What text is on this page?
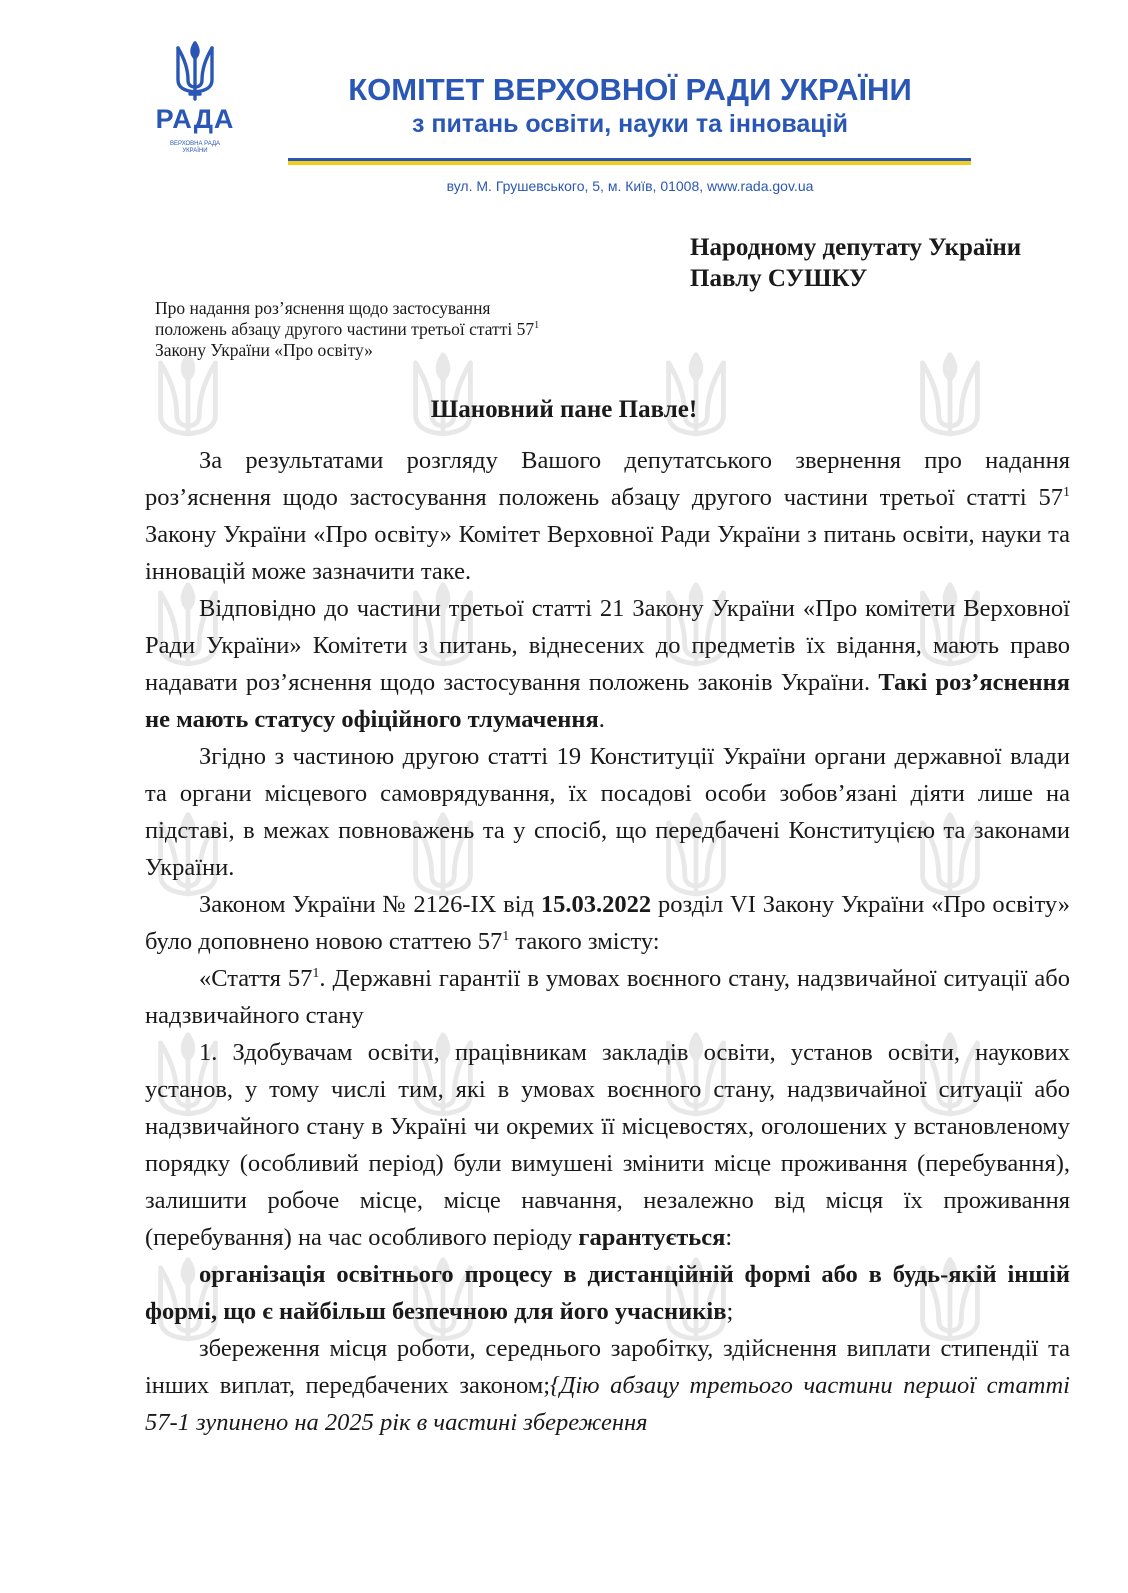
РАДА
ВЕРХОВНА РАДА
УКРАЇНИ
КОМІТЕТ ВЕРХОВНОЇ РАДИ УКРАЇНИ
з питань освіти, науки та інновацій
вул. М. Грушевського, 5, м. Київ, 01008, www.rada.gov.ua
Народному депутату України
Павлу СУШКУ
Про надання роз’яснення щодо застосування
положень абзацу другого частини третьої статті $57^1$
Закону України «Про освіту»
Шановний пане Павле!

За результатами розгляду Вашого депутатського звернення про надання роз’яснення щодо застосування положень абзацу другого частини третьої статті $57^1$ Закону України «Про освіту» Комітет Верховної Ради України з питань освіти, науки та інновацій може зазначити таке.

Відповідно до частини третьої статті 21 Закону України «Про комітети Верховної Ради України» Комітети з питань, віднесених до предметів їх відання, мають право надавати роз’яснення щодо застосування положень законів України. Такі роз’яснення не мають статусу офіційного тлумачення.

Згідно з частиною другою статті 19 Конституції України органи державної влади та органи місцевого самоврядування, їх посадові особи зобов’язані діяти лише на підставі, в межах повноважень та у спосіб, що передбачені Конституцією та законами України.

Законом України № 2126-IX від 15.03.2022 розділ VI Закону України «Про освіту» було доповнено новою статтею $57^1$ такого змісту:

«Стаття $57^1$. Державні гарантії в умовах воєнного стану, надзвичайної ситуації або надзвичайного стану

1. Здобувачам освіти, працівникам закладів освіти, установ освіти, наукових установ, у тому числі тим, які в умовах воєнного стану, надзвичайної ситуації або надзвичайного стану в Україні чи окремих її місцевостях, оголошених у встановленому порядку (особливий період) були вимушені змінити місце проживання (перебування), залишити робоче місце, місце навчання, незалежно від місця їх проживання (перебування) на час особливого періоду гарантується:

організація освітнього процесу в дистанційній формі або в будь-якій іншій формі, що є найбільш безпечною для його учасників;

збереження місця роботи, середнього заробітку, здійснення виплати стипендії та інших виплат, передбачених законом;{Дію абзацу третього частини першої статті 57-1 зупинено на 2025 рік в частині збереження
